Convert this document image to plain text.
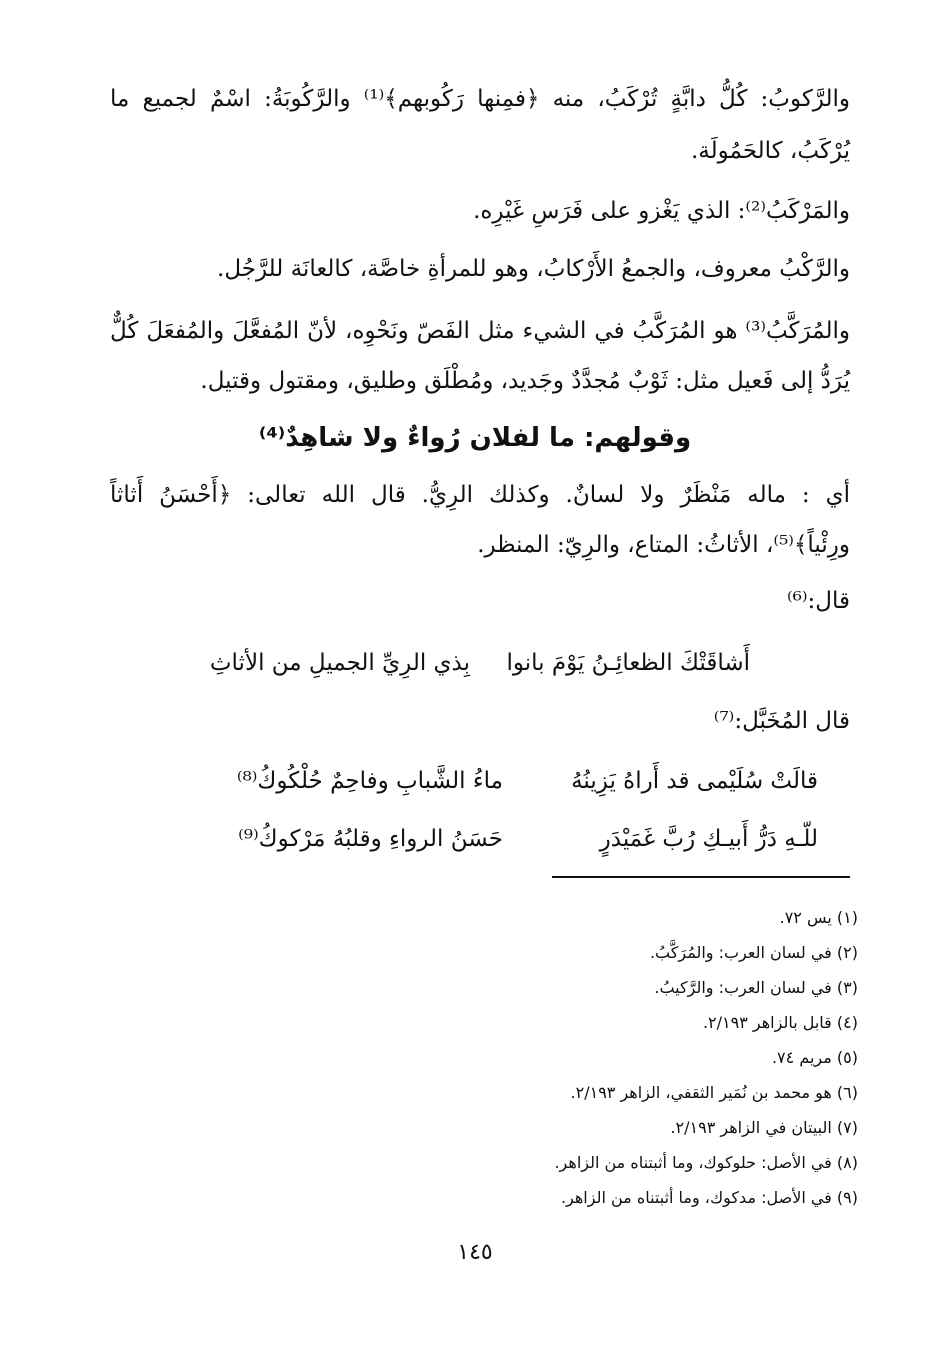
والرَّكوبُ: كُلُّ دابَّةٍ تُرْكَبُ، منه ﴿فمِنها رَكُوبهم﴾⁽¹⁾ والرَّكُوبَةُ: اسْمٌ لجميع ما
يُرْكَبُ، كالحَمُولَة.
والمَرْكَبُ⁽²⁾: الذي يَغْزو على فَرَسِ غَيْرِه.
والرَّكْبُ معروف، والجمعُ الأَرْكابُ، وهو للمرأةِ خاصَّة، كالعانَة للرَّجُل.
والمُرَكَّبُ⁽³⁾ هو المُرَكَّبُ في الشيء مثل الفَصّ ونَحْوِه، لأنّ المُفعَّلَ والمُفعَلَ كُلٌّ
يُرَدُّ إلى فَعيل مثل: ثَوْبٌ مُجدَّدٌ وجَديد، ومُطْلَق وطليق، ومقتول وقتيل.
وقولهم: ما لفلان رُواءٌ ولا شاهِدٌ⁽⁴⁾
أي : ماله مَنْظَرٌ ولا لسانٌ. وكذلك الرِيُّ. قال الله تعالى: ﴿أَحْسَنُ أَثاثاً
ورِئْياً﴾⁽⁵⁾، الأثاثُ: المتاع، والرِيّ: المنظر.
قال:⁽⁶⁾
أَشاقَتْكَ الظعائِـنُ يَوْمَ بانوا
بِذي الرِيِّ الجميلِ من الأثاثِ
قال المُخَبَّل:⁽⁷⁾
قالَتْ سُلَيْمى قد أَراهُ يَزِينُهُ
ماءُ الشَّبابِ وفاحِمٌ حُلْكُوكُ⁽⁸⁾
للّـهِ دَرُّ أَبيـكِ رُبَّ غَمَيْدَرٍ
حَسَنُ الرواءِ وقلبُهُ مَرْكوكُ⁽⁹⁾
(١) يس ٧٢.
(٢) في لسان العرب: والمُرَكَّبُ.
(٣) في لسان العرب: والرَّكيبُ.
(٤) قابل بالزاهر ٢/١٩٣.
(٥) مريم ٧٤.
(٦) هو محمد بن نُمَير الثقفي، الزاهر ٢/١٩٣.
(٧) البيتان في الزاهر ٢/١٩٣.
(٨) في الأصل: حلوكوك، وما أثبتناه من الزاهر.
(٩) في الأصل: مدكوك، وما أثبتناه من الزاهر.
١٤٥
